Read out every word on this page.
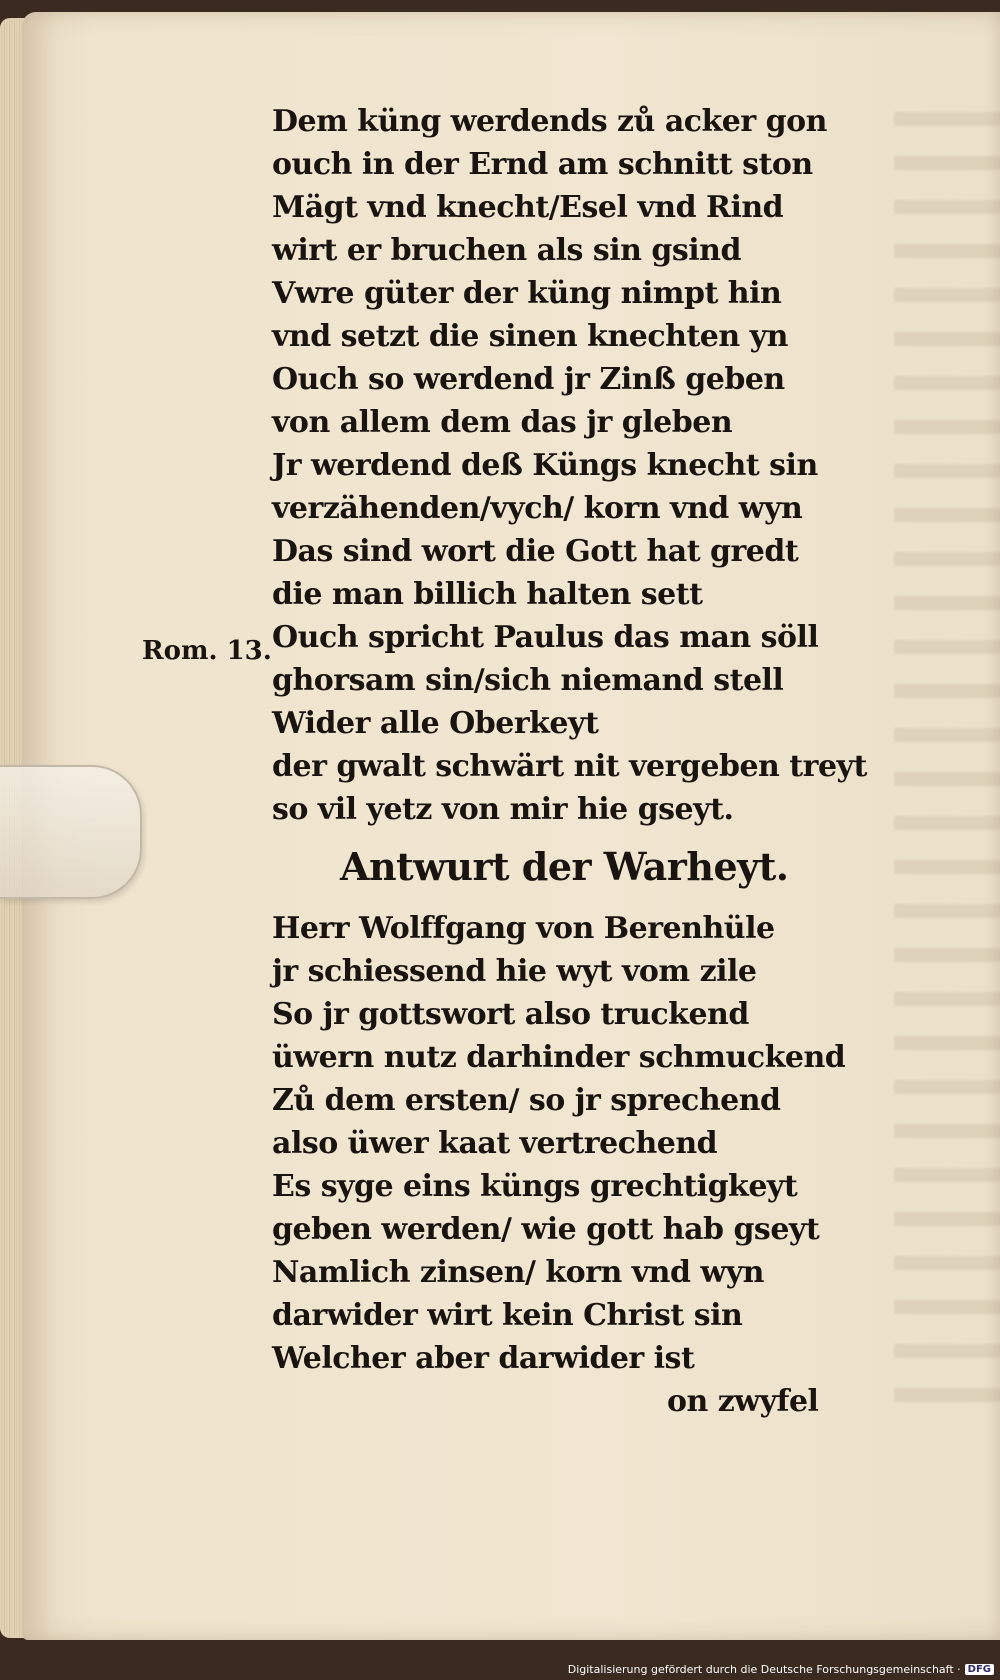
Rom. 13.
Dem küng werdends zů acker gon
ouch in der Ernd am schnitt ston
Mägt vnd knecht/Esel vnd Rind
wirt er bruchen als sin gsind
Vwre güter der küng nimpt hin
vnd setzt die sinen knechten yn
Ouch so werdend jr Zinß geben
von allem dem das jr gleben
Jr werdend deß Küngs knecht sin
verzähenden/vych/ korn vnd wyn
Das sind wort die Gott hat gredt
die man billich halten sett
Ouch spricht Paulus das man söll
ghorsam sin/sich niemand stell
Wider alle Oberkeyt
der gwalt schwärt nit vergeben treyt
so vil yetz von mir hie gseyt.
Antwurt der Warheyt.
Herr Wolffgang von Berenhüle
jr schiessend hie wyt vom zile
So jr gottswort also truckend
üwern nutz darhinder schmuckend
Zů dem ersten/ so jr sprechend
also üwer kaat vertrechend
Es syge eins küngs grechtigkeyt
geben werden/ wie gott hab gseyt
Namlich zinsen/ korn vnd wyn
darwider wirt kein Christ sin
Welcher aber darwider ist
on zwyfel
Digitalisierung gefördert durch die Deutsche Forschungsgemeinschaft · DFG
